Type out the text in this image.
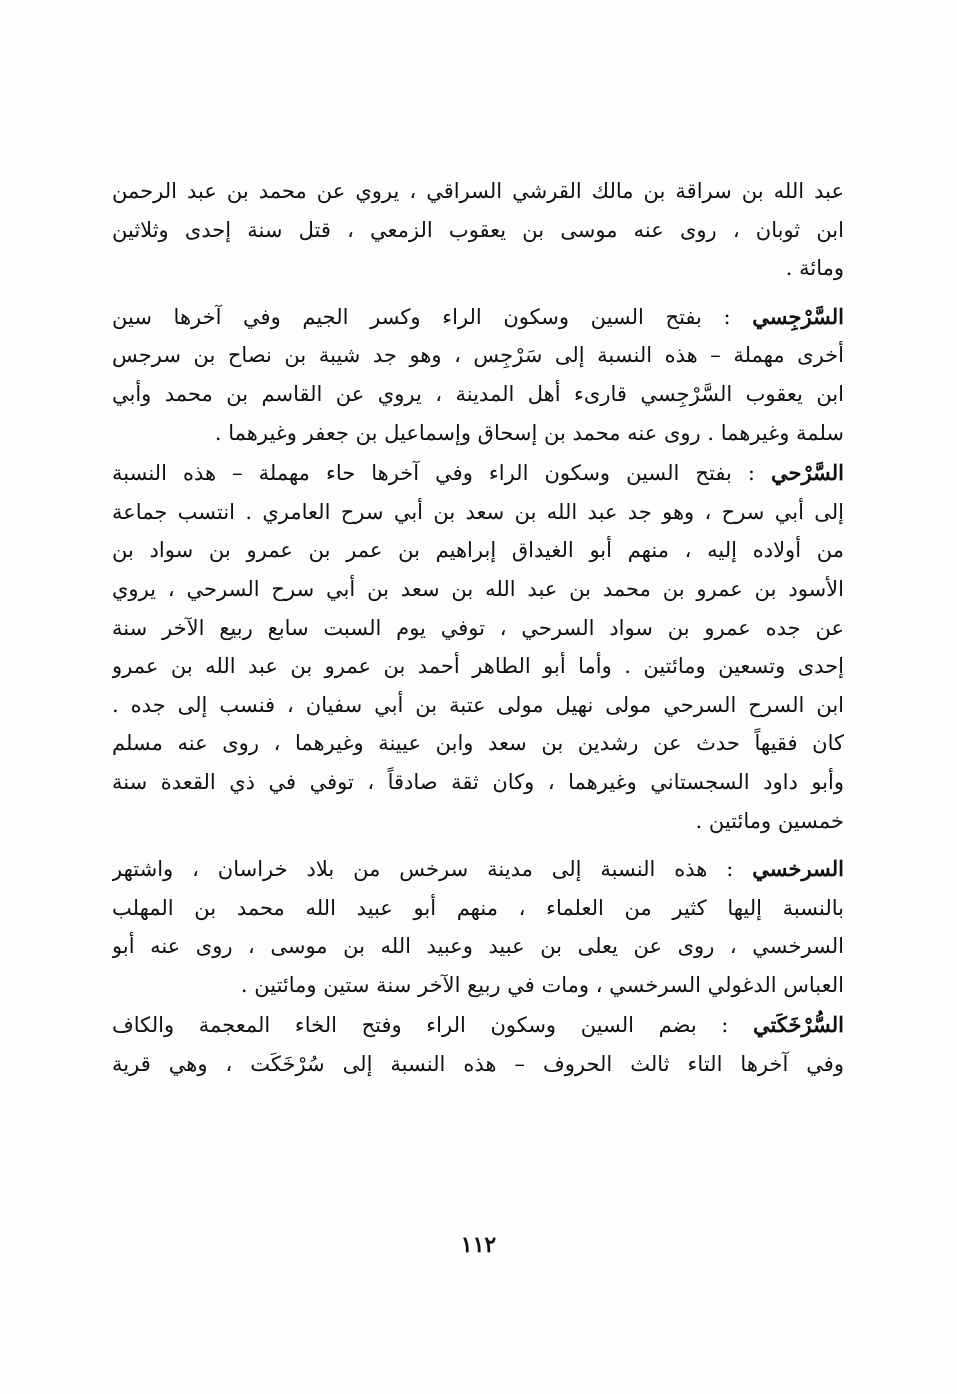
عبد الله بن سراقة بن مالك القرشي السراقي ، يروي عن محمد بن عبد الرحمن
ابن ثوبان ، روى عنه موسى بن يعقوب الزمعي ، قتل سنة إحدى وثلاثين
ومائة .
السَّرْجِسي : بفتح السين وسكون الراء وكسر الجيم وفي آخرها سين
أخرى مهملة – هذه النسبة إلى سَرْجِس ، وهو جد شيبة بن نصاح بن سرجس
ابن يعقوب السَّرْجِسي قارىء أهل المدينة ، يروي عن القاسم بن محمد وأبي
سلمة وغيرهما . روى عنه محمد بن إسحاق وإسماعيل بن جعفر وغيرهما .
السَّرْحي : بفتح السين وسكون الراء وفي آخرها حاء مهملة – هذه النسبة
إلى أبي سرح ، وهو جد عبد الله بن سعد بن أبي سرح العامري . انتسب جماعة
من أولاده إليه ، منهم أبو الغيداق إبراهيم بن عمر بن عمرو بن سواد بن
الأسود بن عمرو بن محمد بن عبد الله بن سعد بن أبي سرح السرحي ، يروي
عن جده عمرو بن سواد السرحي ، توفي يوم السبت سابع ربيع الآخر سنة
إحدى وتسعين ومائتين . وأما أبو الطاهر أحمد بن عمرو بن عبد الله بن عمرو
ابن السرح السرحي مولى نهيل مولى عتبة بن أبي سفيان ، فنسب إلى جده .
كان فقيهاً حدث عن رشدين بن سعد وابن عيينة وغيرهما ، روى عنه مسلم
وأبو داود السجستاني وغيرهما ، وكان ثقة صادقاً ، توفي في ذي القعدة سنة
خمسين ومائتين .
السرخسي : هذه النسبة إلى مدينة سرخس من بلاد خراسان ، واشتهر
بالنسبة إليها كثير من العلماء ، منهم أبو عبيد الله محمد بن المهلب
السرخسي ، روى عن يعلى بن عبيد وعبيد الله بن موسى ، روى عنه أبو
العباس الدغولي السرخسي ، ومات في ربيع الآخر سنة ستين ومائتين .
السُّرْخَكَتي : بضم السين وسكون الراء وفتح الخاء المعجمة والكاف
وفي آخرها التاء ثالث الحروف – هذه النسبة إلى سُرْخَكَت ، وهي قرية
١١٢
